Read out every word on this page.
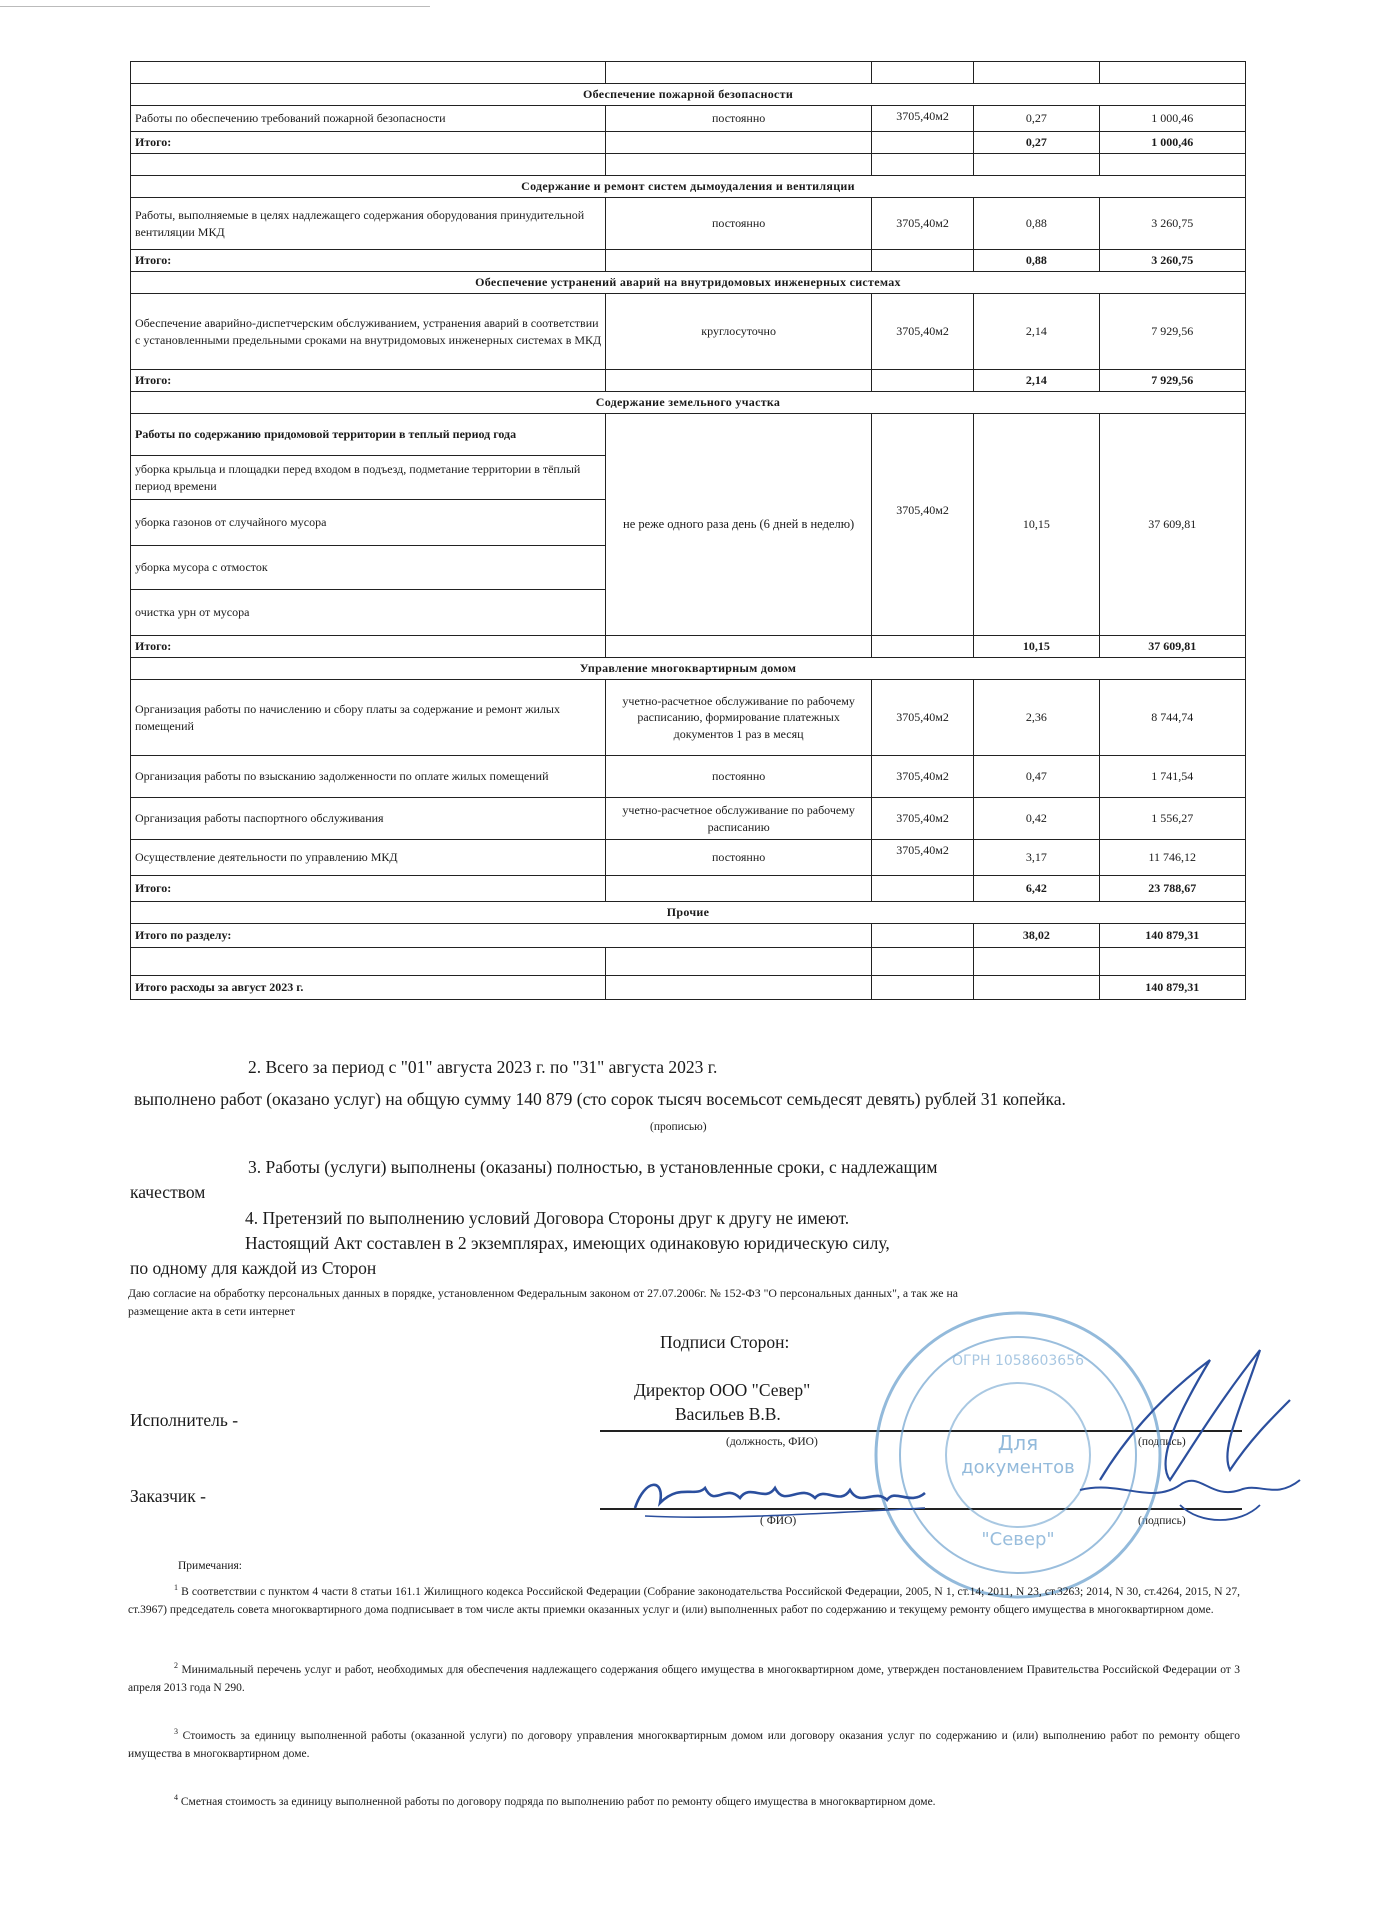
Обеспечение пожарной безопасности				
Работы по обеспечению требований пожарной безопасности	постоянно	3705,40м2	0,27	1 000,46
Итого:			0,27	1 000,46

Содержание и ремонт систем дымоудаления и вентиляции				
Работы, выполняемые в целях надлежащего содержания оборудования принудительной вентиляции МКД	постоянно	3705,40м2	0,88	3 260,75
Итого:			0,88	3 260,75
Обеспечение устранений аварий на внутридомовых инженерных системах				
Обеспечение аварийно-диспетчерским обслуживанием, устранения аварий в соответствии с установленными предельными сроками на внутридомовых инженерных системах в МКД	круглосуточно	3705,40м2	2,14	7 929,56
Итого:			2,14	7 929,56
Содержание земельного участка				
Работы по содержанию придомовой территории в теплый период года	не реже одного раза день (6 дней в неделю)	3705,40м2	10,15	37 609,81
уборка крыльца и площадки перед входом в подъезд, подметание территории в тёплый период времени				
уборка газонов от случайного мусора				
уборка мусора с отмосток				
очистка урн от мусора				
Итого:			10,15	37 609,81
Управление многоквартирным домом				
Организация работы по начислению и сбору платы за содержание и ремонт жилых помещений	учетно-расчетное обслуживание по рабочему расписанию, формирование платежных документов 1 раз в месяц	3705,40м2	2,36	8 744,74
Организация работы по взысканию задолженности по оплате жилых помещений	постоянно	3705,40м2	0,47	1 741,54
Организация работы паспортного обслуживания	учетно-расчетное обслуживание по рабочему расписанию	3705,40м2	0,42	1 556,27
Осуществление деятельности по управлению МКД	постоянно	3705,40м2	3,17	11 746,12
Итого:			6,42	23 788,67
Прочие				
Итого по разделу:			38,02	140 879,31

Итого расходы за август 2023 г.				140 879,31
2. Всего за период с "01" августа 2023 г. по "31" августа 2023 г.
выполнено работ (оказано услуг) на общую сумму 140 879 (сто сорок тысяч восемьсот семьдесят девять) рублей 31 копейка.
(прописью)
3. Работы (услуги) выполнены (оказаны) полностью, в установленные сроки, с надлежащим
качеством
4. Претензий по выполнению условий Договора Стороны друг к другу не имеют.
Настоящий Акт составлен в 2 экземплярах, имеющих одинаковую юридическую силу,
по одному для каждой из Сторон
Даю согласие на обработку персональных данных в порядке, установленном Федеральным законом от 27.07.2006г. № 152-ФЗ "О персональных данных", а так же на
размещение акта в сети интернет
Подписи Сторон:
Директор ООО "Север"
Васильев В.В.
Исполнитель -
(должность, ФИО)	(подпись)
Заказчик -
( ФИО)	(подпись)
Для
документов
"Север"
ОГРН 1058603656
Примечания:
$^1$ В соответствии с пунктом 4 части 8 статьи 161.1 Жилищного кодекса Российской Федерации (Собрание законодательства Российской Федерации, 2005, N 1, ст.14; 2011, N 23, ст.3263; 2014, N 30, ст.4264, 2015, N 27, ст.3967) председатель совета многоквартирного дома подписывает в том числе акты приемки оказанных услуг и (или) выполненных работ по содержанию и текущему ремонту общего имущества в многоквартирном доме.
$^2$ Минимальный перечень услуг и работ, необходимых для обеспечения надлежащего содержания общего имущества в многоквартирном доме, утвержден постановлением Правительства Российской Федерации от 3 апреля 2013 года N 290.
$^3$ Стоимость за единицу выполненной работы (оказанной услуги) по договору управления многоквартирным домом или договору оказания услуг по содержанию и (или) выполнению работ по ремонту общего имущества в многоквартирном доме.
$^4$ Сметная стоимость за единицу выполненной работы по договору подряда по выполнению работ по ремонту общего имущества в многоквартирном доме.
